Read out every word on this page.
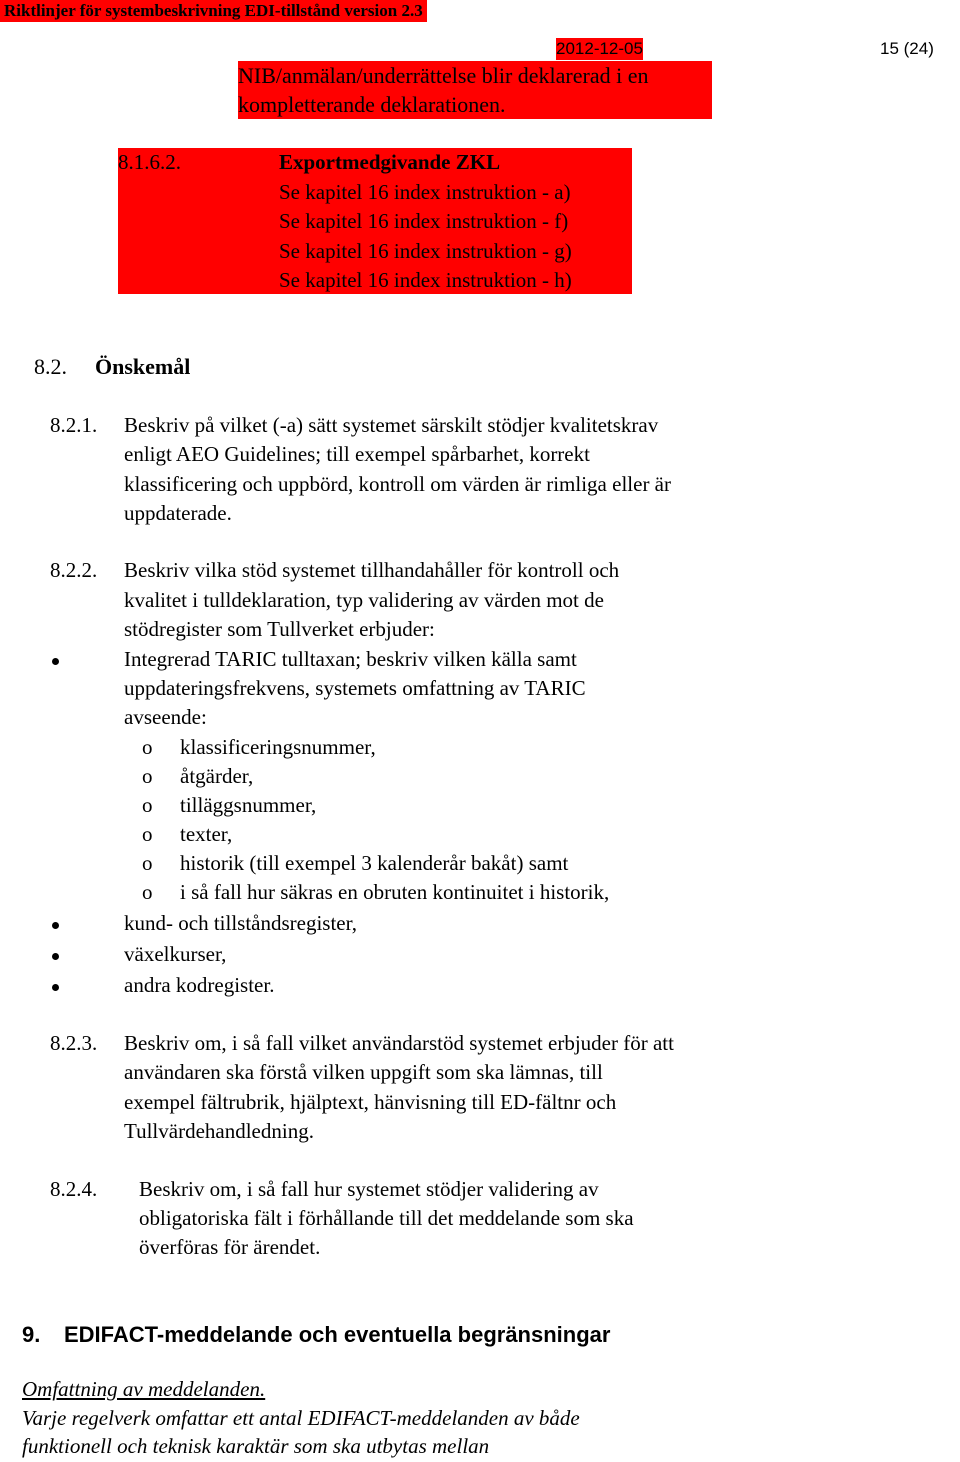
Riktlinjer för systembeskrivning EDI-tillstånd version 2.3
2012-12-05	15 (24)
NIB/anmälan/underrättelse blir deklarerad i en
kompletterande deklarationen.
8.1.6.2.	Exportmedgivande ZKL
Se kapitel 16 index instruktion - a)
Se kapitel 16 index instruktion - f)
Se kapitel 16 index instruktion - g)
Se kapitel 16 index instruktion - h)
8.2. Önskemål
8.2.1. Beskriv på vilket (-a) sätt systemet särskilt stödjer kvalitetskrav
enligt AEO Guidelines; till exempel spårbarhet, korrekt
klassificering och uppbörd, kontroll om värden är rimliga eller är
uppdaterade.
8.2.2. Beskriv vilka stöd systemet tillhandahåller för kontroll och
kvalitet i tulldeklaration, typ validering av värden mot de
stödregister som Tullverket erbjuder:
Integrerad TARIC tulltaxan; beskriv vilken källa samt
uppdateringsfrekvens, systemets omfattning av TARIC
avseende:
o klassificeringsnummer,
o åtgärder,
o tilläggsnummer,
o texter,
o historik (till exempel 3 kalenderår bakåt) samt
o i så fall hur säkras en obruten kontinuitet i historik,
kund- och tillståndsregister,
växelkurser,
andra kodregister.
8.2.3. Beskriv om, i så fall vilket användarstöd systemet erbjuder för att
användaren ska förstå vilken uppgift som ska lämnas, till
exempel fältrubrik, hjälptext, hänvisning till ED-fältnr och
Tullvärdehandledning.
8.2.4. Beskriv om, i så fall hur systemet stödjer validering av
obligatoriska fält i förhållande till det meddelande som ska
överföras för ärendet.
9. EDIFACT-meddelande och eventuella begränsningar
Omfattning av meddelanden.
Varje regelverk omfattar ett antal EDIFACT-meddelanden av både
funktionell och teknisk karaktär som ska utbytas mellan
